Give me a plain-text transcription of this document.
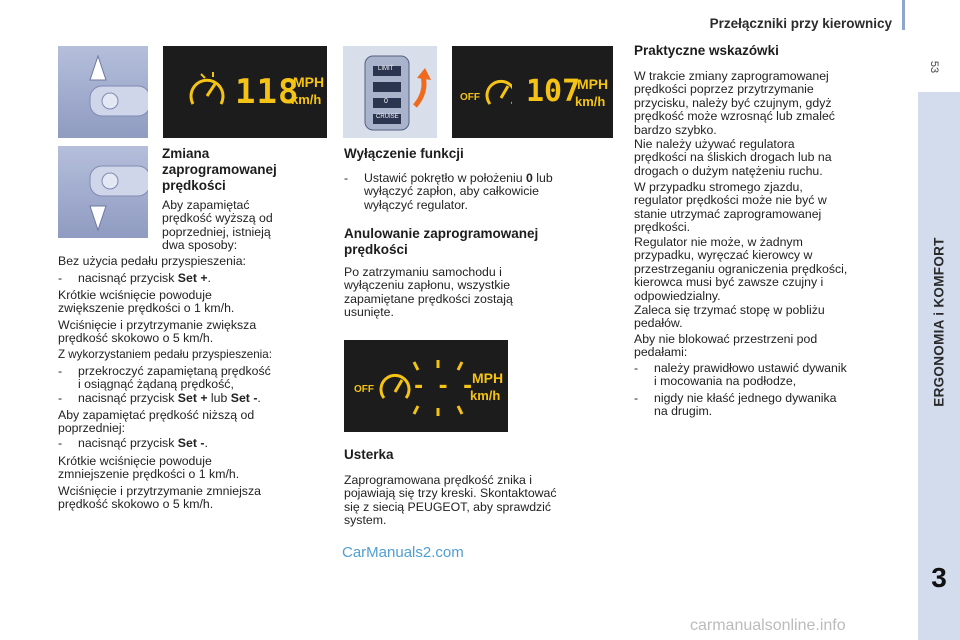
Przełączniki przy kierownicy
53
ERGONOMIA i KOMFORT
3
118
MPH
km/h
LIMIT
CRUISE
0	OFF 107
MPH
km/h
Zmiana
zaprogramowanej
prędkości
Aby zapamiętać
prędkość wyższą od
poprzedniej, istnieją
dwa sposoby:
Bez użycia pedału przyspieszenia:
-	nacisnąć przycisk Set +.
Krótkie wciśnięcie powoduje
zwiększenie prędkości o 1 km/h.
Wciśnięcie i przytrzymanie zwiększa
prędkość skokowo o 5 km/h.
Z wykorzystaniem pedału przyspieszenia:
-	przekroczyć zapamiętaną prędkość
i osiągnąć żądaną prędkość,
-	nacisnąć przycisk Set + lub Set -.
Aby zapamiętać prędkość niższą od
poprzedniej:
-	nacisnąć przycisk Set -.
Krótkie wciśnięcie powoduje
zmniejszenie prędkości o 1 km/h.
Wciśnięcie i przytrzymanie zmniejsza
prędkość skokowo o 5 km/h.
Wyłączenie funkcji
-	Ustawić pokrętło w położeniu 0 lub
wyłączyć zapłon, aby całkowicie
wyłączyć regulator.
Anulowanie zaprogramowanej
prędkości
Po zatrzymaniu samochodu i
wyłączeniu zapłonu, wszystkie
zapamiętane prędkości zostają
usunięte.
OFF - - -
MPH
km/h
Usterka
Zaprogramowana prędkość znika i
pojawiają się trzy kreski. Skontaktować
się z siecią PEUGEOT, aby sprawdzić
system.
Praktyczne wskazówki
W trakcie zmiany zaprogramowanej
prędkości poprzez przytrzymanie
przycisku, należy być czujnym, gdyż
prędkość może wzrosnąć lub zmaleć
bardzo szybko.
Nie należy używać regulatora
prędkości na śliskich drogach lub na
drogach o dużym natężeniu ruchu.
W przypadku stromego zjazdu,
regulator prędkości może nie być w
stanie utrzymać zaprogramowanej
prędkości.
Regulator nie może, w żadnym
przypadku, wyręczać kierowcy w
przestrzeganiu ograniczenia prędkości,
kierowca musi być zawsze czujny i
odpowiedzialny.
Zaleca się trzymać stopę w pobliżu
pedałów.
Aby nie blokować przestrzeni pod
pedałami:
-	należy prawidłowo ustawić dywanik
i mocowania na podłodze,
-	nigdy nie kłaść jednego dywanika
na drugim.
CarManuals2.com
carmanualsonline.info
